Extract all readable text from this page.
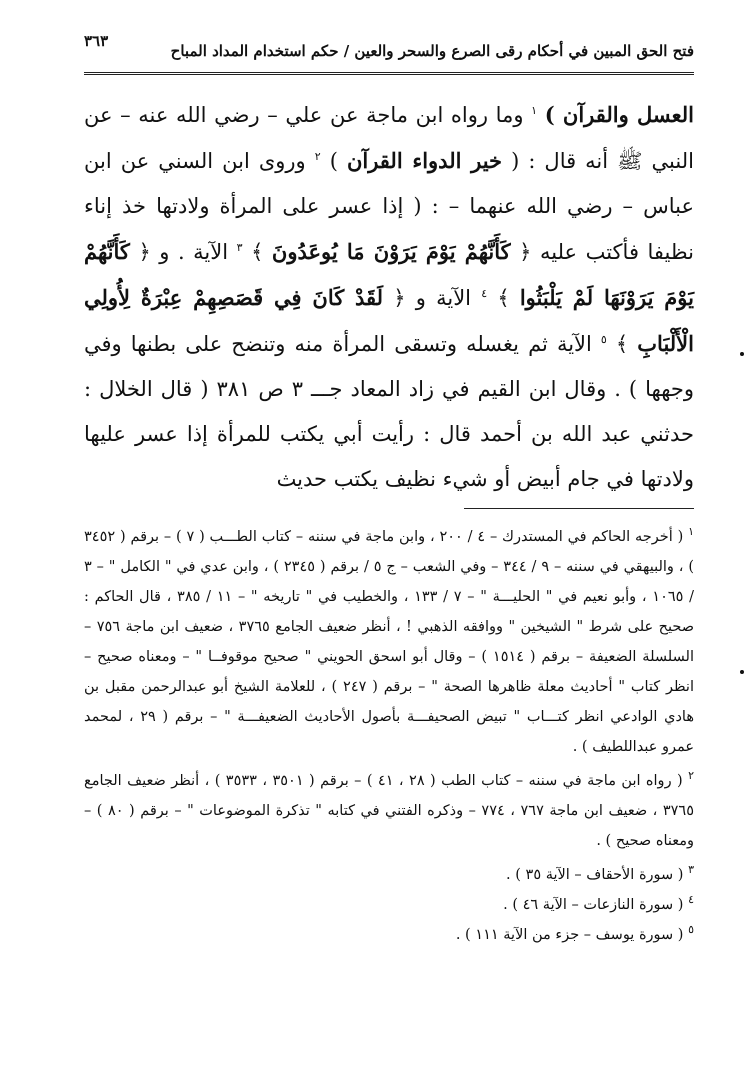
فتح الحق المبين في أحكام رقى الصرع والسحر والعين / حكم استخدام المداد المباح
٣٦٣

العسل والقرآن ) $^١$ وما رواه ابن ماجة عن علي – رضي الله عنه – عن النبي ﷺ أنه قال : ( خير الدواء القرآن ) $^٢$ وروى ابن السني عن ابن عباس – رضي الله عنهما – : ( إذا عسر على المرأة ولادتها خذ إناء نظيفا فأكتب عليه ﴿ كَأَنَّهُمْ يَوْمَ يَرَوْنَ مَا يُوعَدُونَ ﴾ $^٣$ الآية . و ﴿ كَأَنَّهُمْ يَوْمَ يَرَوْنَهَا لَمْ يَلْبَثُوا ﴾ $^٤$ الآية و ﴿ لَقَدْ كَانَ فِي قَصَصِهِمْ عِبْرَةٌ لِأُولِي الْأَلْبَابِ ﴾ $^٥$ الآية ثم يغسله وتسقى المرأة منه وتنضح على بطنها وفي وجهها ) . وقال ابن القيم في زاد المعاد جـــ ٣ ص ٣٨١ ( قال الخلال : حدثني عبد الله بن أحمد قال : رأيت أبي يكتب للمرأة إذا عسر عليها ولادتها في جام أبيض أو شيء نظيف يكتب حديث

$^١$ ( أخرجه الحاكم في المستدرك – ٤ / ٢٠٠ ، وابن ماجة في سننه – كتاب الطـــب ( ٧ ) – برقم ( ٣٤٥٢ ) ، والبيهقي في سننه – ٩ / ٣٤٤ – وفي الشعب – ج ٥ / برقم ( ٢٣٤٥ ) ، وابن عدي في " الكامل " – ٣ / ١٠٦٥ ، وأبو نعيم في " الحليـــة " – ٧ / ١٣٣ ، والخطيب في " تاريخه " – ١١ / ٣٨٥ ، قال الحاكم : صحيح على شرط " الشيخين " ووافقه الذهبي ! ، أنظر ضعيف الجامع ٣٧٦٥ ، ضعيف ابن ماجة ٧٥٦ – السلسلة الضعيفة – برقم ( ١٥١٤ ) – وقال أبو اسحق الحويني " صحيح موقوفــا " – ومعناه صحيح – انظر كتاب " أحاديث معلة ظاهرها الصحة " – برقم ( ٢٤٧ ) ، للعلامة الشيخ أبو عبدالرحمن مقبل بن هادي الوادعي انظر كتـــاب " تبيض الصحيفـــة بأصول الأحاديث الضعيفـــة " – برقم ( ٢٩ ، لمحمد عمرو عبداللطيف ) .

$^٢$ ( رواه ابن ماجة في سننه – كتاب الطب ( ٢٨ ، ٤١ ) – برقم ( ٣٥٠١ ، ٣٥٣٣ ) ، أنظر ضعيف الجامع ٣٧٦٥ ، ضعيف ابن ماجة ٧٦٧ ، ٧٧٤ – وذكره الفتني في كتابه " تذكرة الموضوعات " – برقم ( ٨٠ ) – ومعناه صحيح ) .

$^٣$ ( سورة الأحقاف – الآية ٣٥ ) .

$^٤$ ( سورة النازعات – الآية ٤٦ ) .

$^٥$ ( سورة يوسف – جزء من الآية ١١١ ) .
